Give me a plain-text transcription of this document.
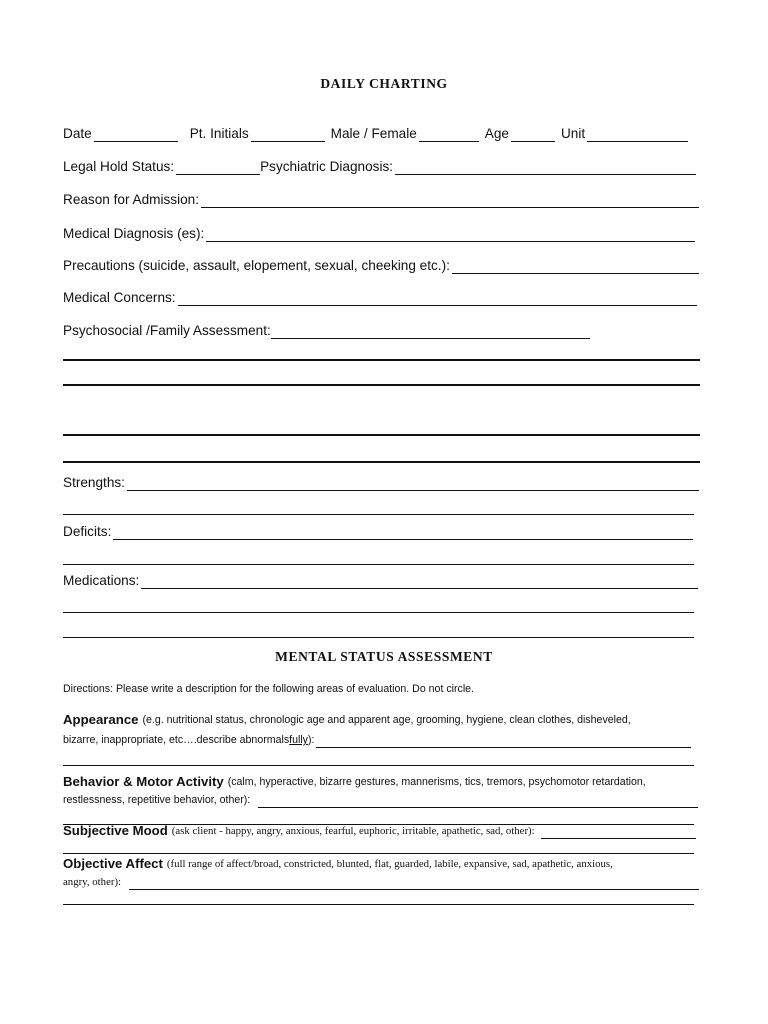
DAILY CHARTING
Date	Pt. Initials	Male / Female	Age	Unit
Legal Hold Status:	Psychiatric Diagnosis:
Reason for Admission:
Medical Diagnosis (es):
Precautions (suicide, assault, elopement, sexual, cheeking etc.):
Medical Concerns:
Psychosocial /Family Assessment:
Strengths:
Deficits:
Medications:
MENTAL STATUS ASSESSMENT
Directions: Please write a description for the following areas of evaluation. Do not circle.
Appearance (e.g. nutritional status, chronologic age and apparent age, grooming, hygiene, clean clothes, disheveled,
bizarre, inappropriate, etc….describe abnormals fully ):
Behavior & Motor Activity (calm, hyperactive, bizarre gestures, mannerisms, tics, tremors, psychomotor retardation,
restlessness, repetitive behavior, other):
Subjective Mood (ask client - happy, angry, anxious, fearful, euphoric, irritable, apathetic, sad, other):
Objective Affect (full range of affect/broad, constricted, blunted, flat, guarded, labile, expansive, sad, apathetic, anxious,
angry, other):
